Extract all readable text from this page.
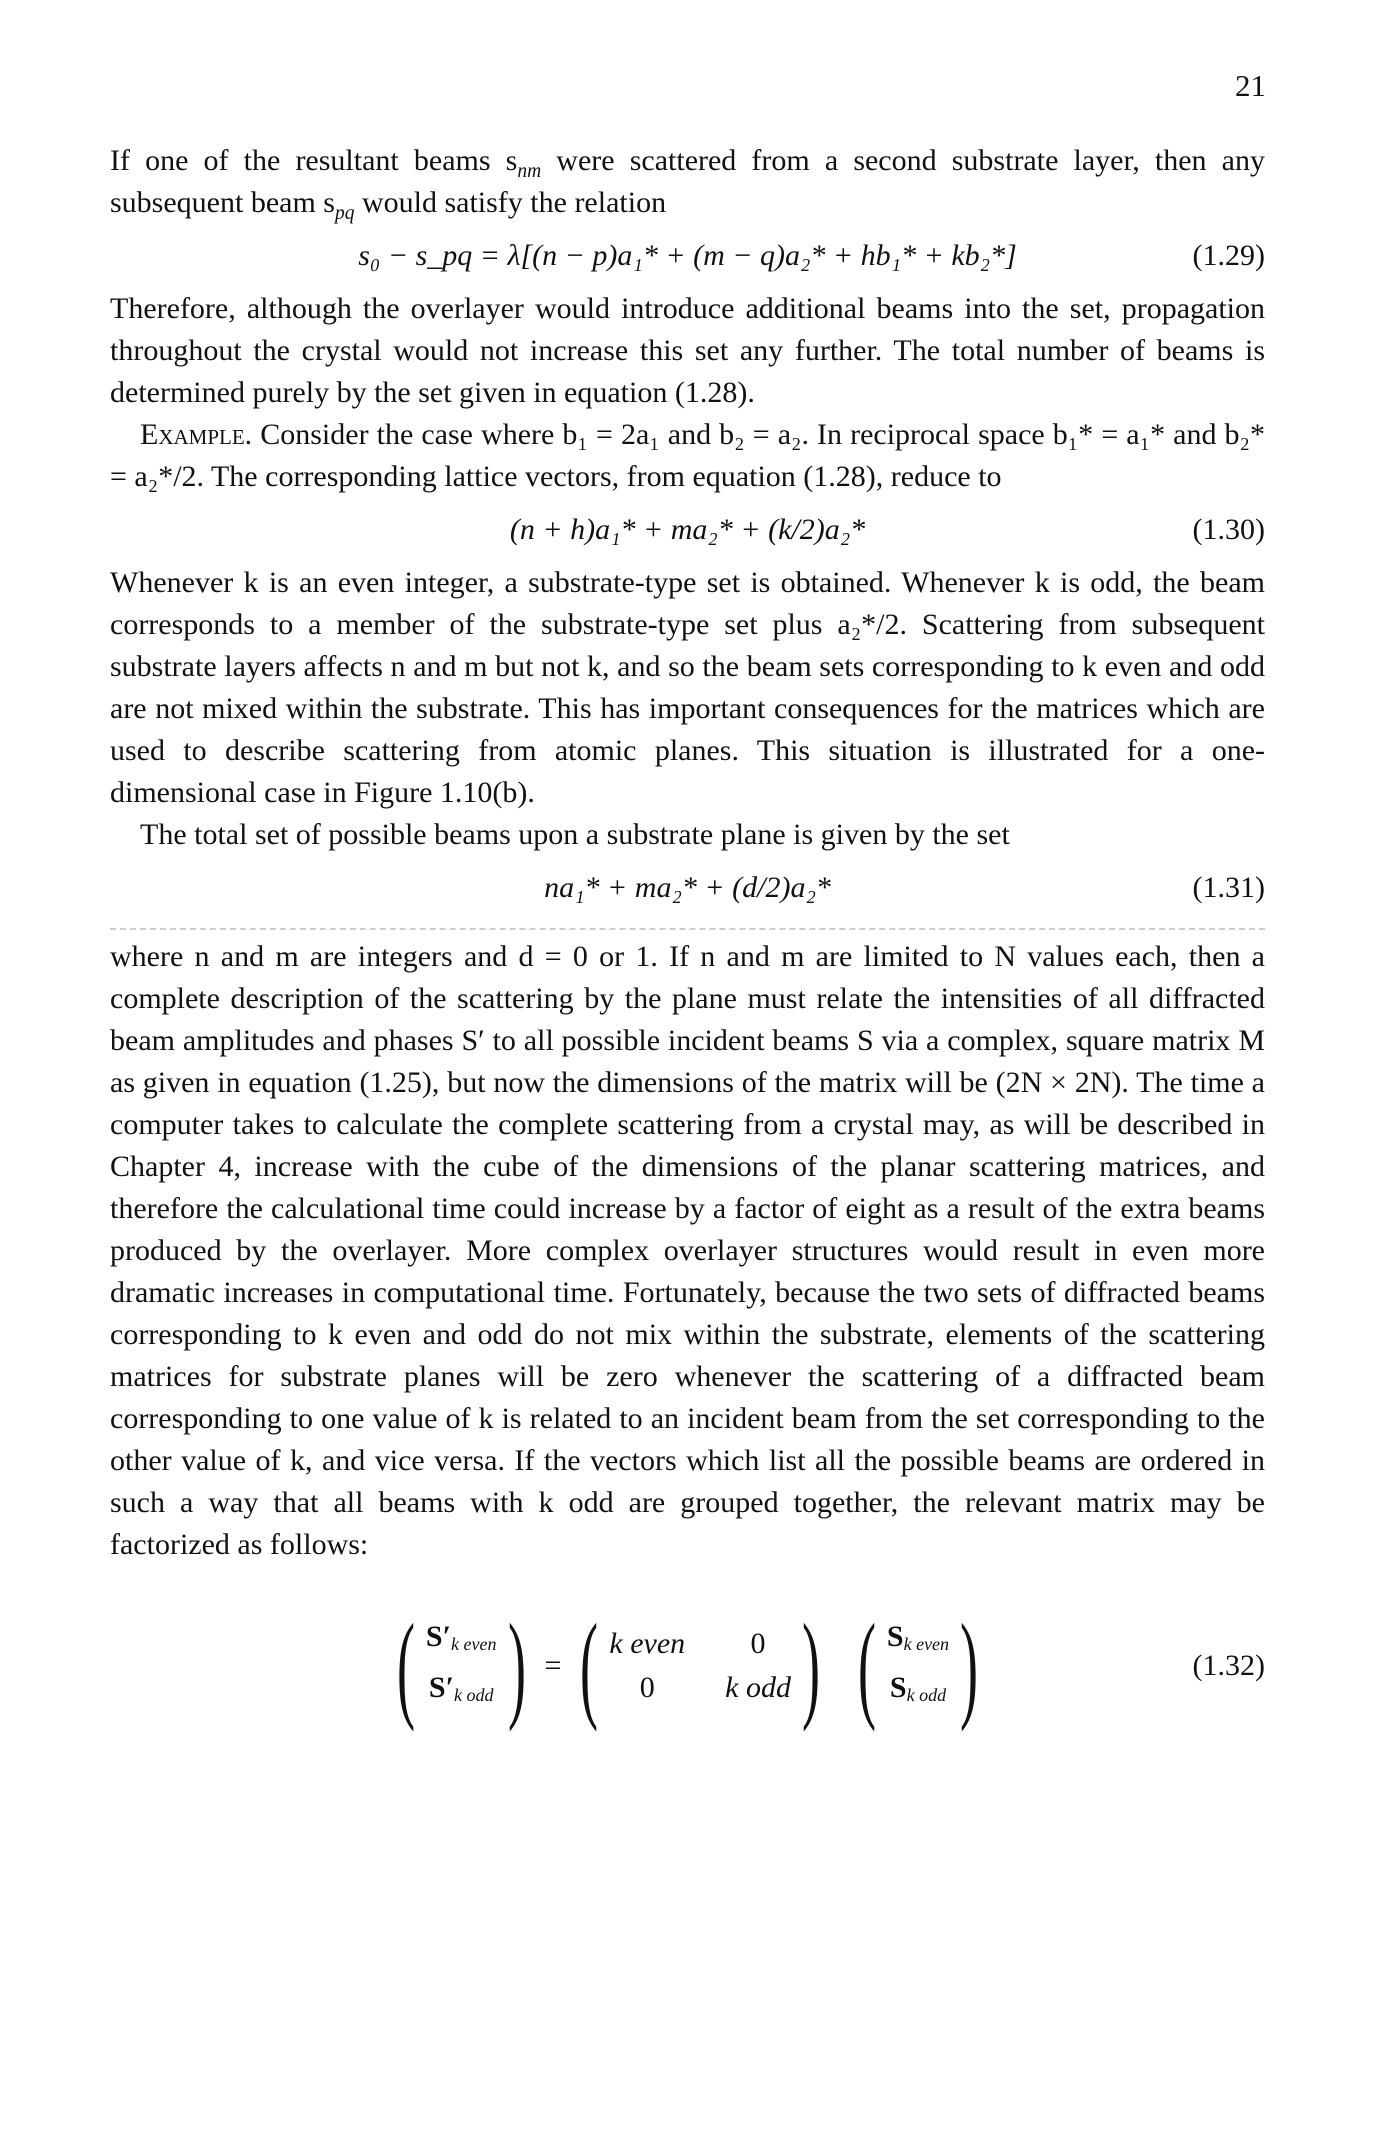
21

If one of the resultant beams $s_{nm}$ were scattered from a second substrate layer, then any subsequent beam $s_{pq}$ would satisfy the relation

s₀ − s_pq = λ[(n − p)a₁* + (m − q)a₂* + hb₁* + kb₂*]	(1.29)

Therefore, although the overlayer would introduce additional beams into the set, propagation throughout the crystal would not increase this set any further. The total number of beams is determined purely by the set given in equation (1.28).

Example. Consider the case where b₁ = 2a₁ and b₂ = a₂. In reciprocal space b₁* = a₁* and b₂* = a₂*/2. The corresponding lattice vectors, from equation (1.28), reduce to

(n + h)a₁* + ma₂* + (k/2)a₂*	(1.30)

Whenever k is an even integer, a substrate-type set is obtained. Whenever k is odd, the beam corresponds to a member of the substrate-type set plus a₂*/2. Scattering from subsequent substrate layers affects n and m but not k, and so the beam sets corresponding to k even and odd are not mixed within the substrate. This has important consequences for the matrices which are used to describe scattering from atomic planes. This situation is illustrated for a one-dimensional case in Figure 1.10(b).

The total set of possible beams upon a substrate plane is given by the set

na₁* + ma₂* + (d/2)a₂*	(1.31)

where n and m are integers and d = 0 or 1. If n and m are limited to N values each, then a complete description of the scattering by the plane must relate the intensities of all diffracted beam amplitudes and phases S′ to all possible incident beams S via a complex, square matrix M as given in equation (1.25), but now the dimensions of the matrix will be (2N × 2N). The time a computer takes to calculate the complete scattering from a crystal may, as will be described in Chapter 4, increase with the cube of the dimensions of the planar scattering matrices, and therefore the calculational time could increase by a factor of eight as a result of the extra beams produced by the overlayer. More complex overlayer structures would result in even more dramatic increases in computational time. Fortunately, because the two sets of diffracted beams corresponding to k even and odd do not mix within the substrate, elements of the scattering matrices for substrate planes will be zero whenever the scattering of a diffracted beam corresponding to one value of k is related to an incident beam from the set corresponding to the other value of k, and vice versa. If the vectors which list all the possible beams are ordered in such a way that all beams with k odd are grouped together, the relevant matrix may be factorized as follows:

( S′k even
S′k odd ) = ( k even	0
0	k odd ) ( Sk even
Sk odd )	(1.32)
